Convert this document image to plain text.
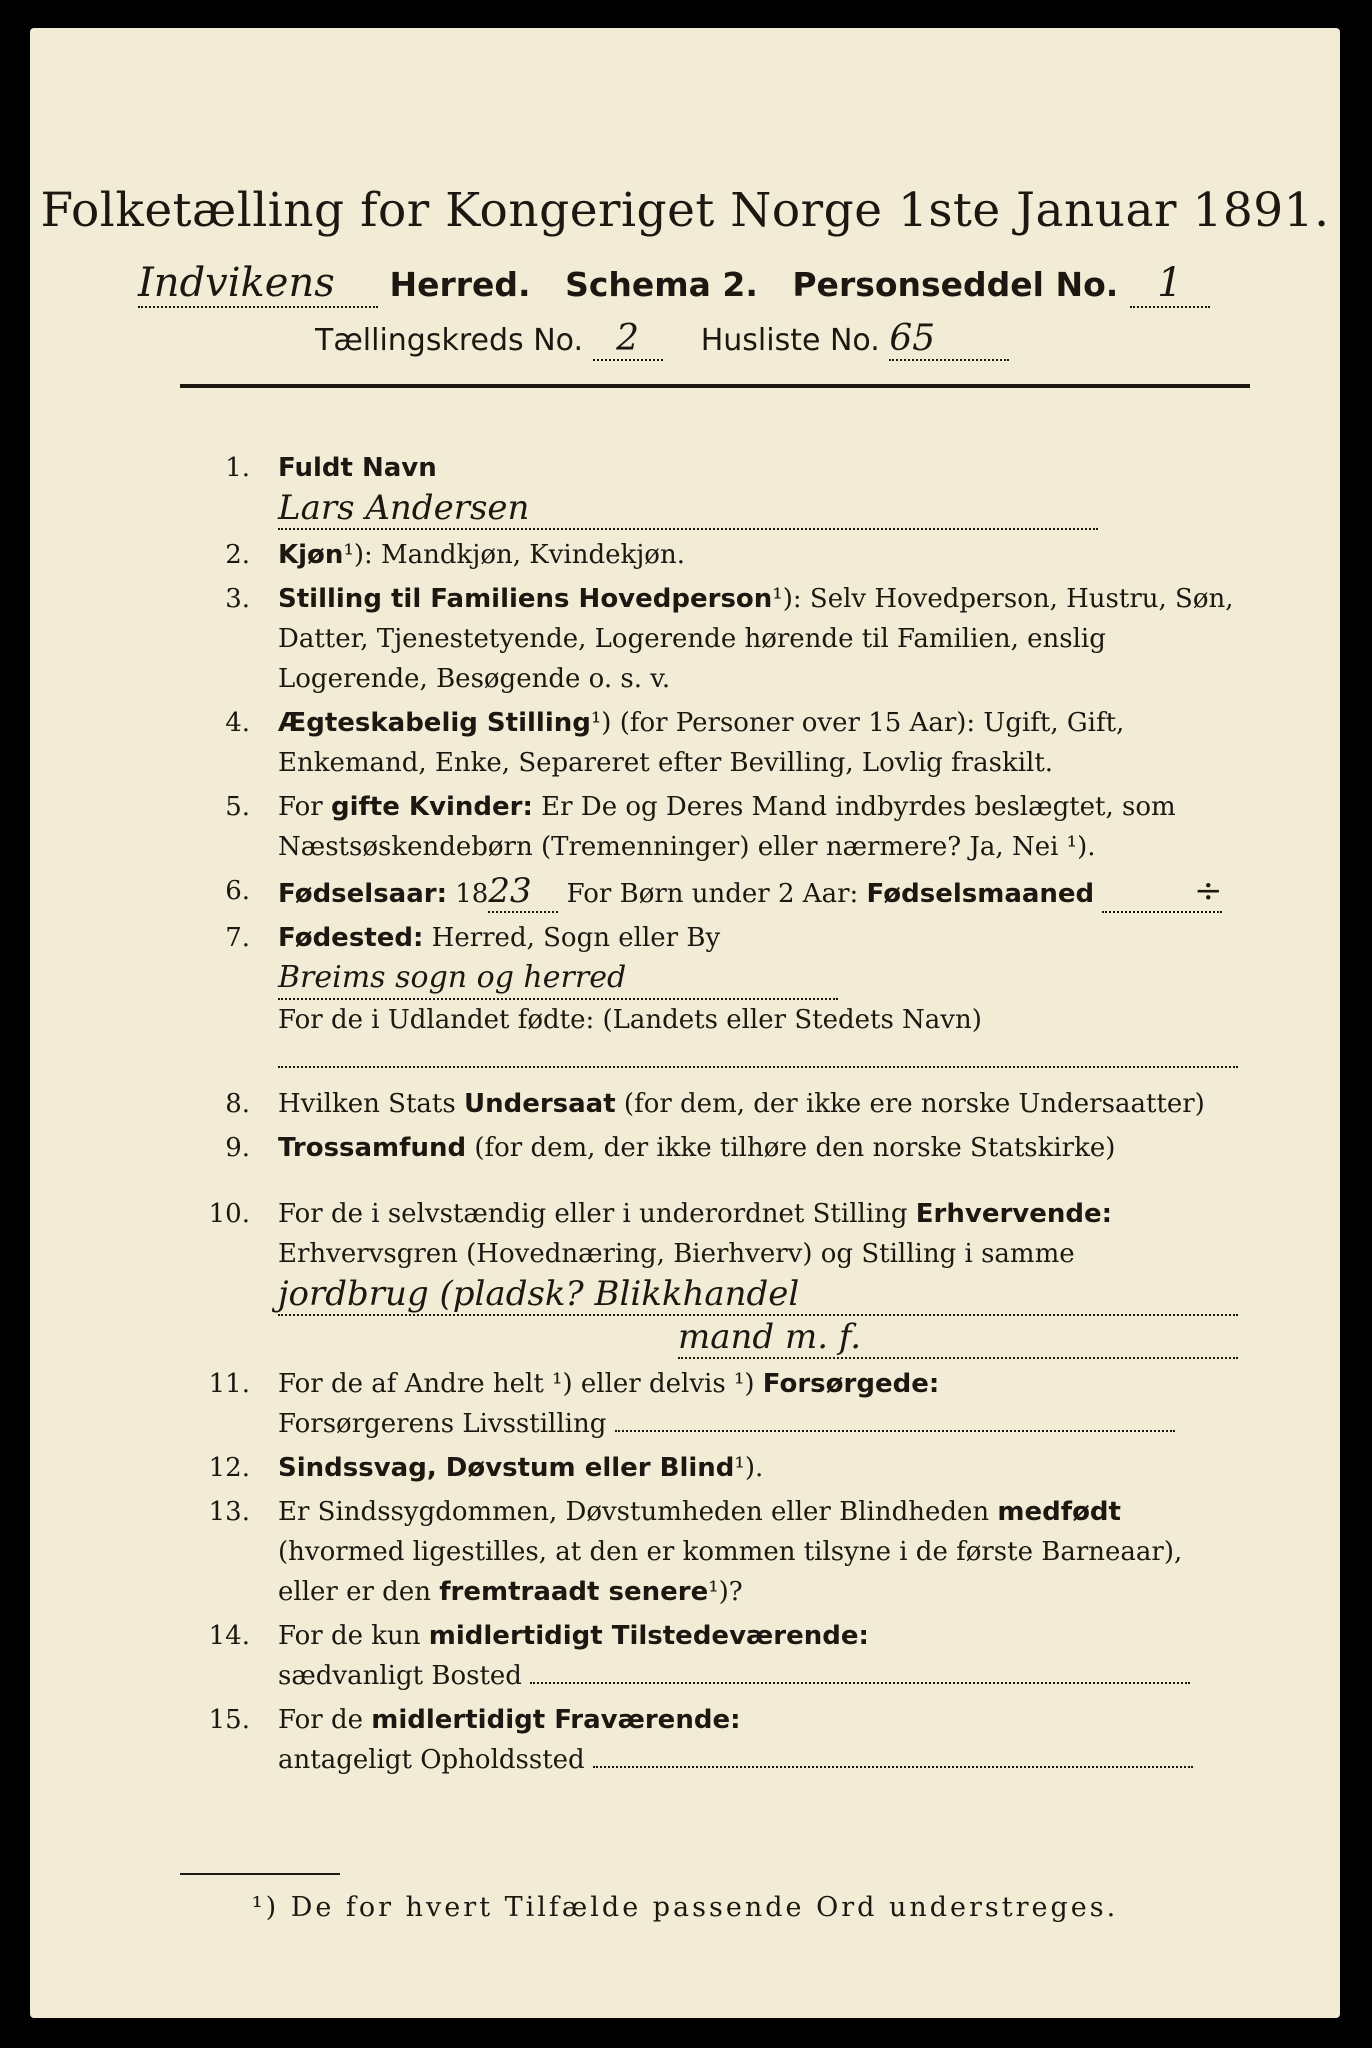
Folketælling for Kongeriget Norge 1ste Januar 1891.
Indvikens Herred. Schema 2. Personseddel No. 1
Tællingskreds No. 2 Husliste No. 65
1. Fuldt Navn Lars Andersen
2. Kjøn¹): Mandkjøn, Kvindekjøn.
3. Stilling til Familiens Hovedperson¹): Selv Hovedperson, Hustru, Søn, Datter, Tjenestetyende, Logerende hørende til Familien, enslig Logerende, Besøgende o. s. v.
4. Ægteskabelig Stilling¹) (for Personer over 15 Aar): Ugift, Gift, Enkemand, Enke, Separeret efter Bevilling, Lovlig fraskilt.
5. For gifte Kvinder: Er De og Deres Mand indbyrdes beslægtet, som Næstsøskendebørn (Tremenninger) eller nærmere? Ja, Nei ¹).
6. Fødselsaar: 1823 For Børn under 2 Aar: Fødselsmaaned	÷
7. Fødested: Herred, Sogn eller By Breims sogn og herred
For de i Udlandet fødte: (Landets eller Stedets Navn)

8. Hvilken Stats Undersaat (for dem, der ikke ere norske Undersaatter)
9. Trossamfund (for dem, der ikke tilhøre den norske Statskirke)
10. For de i selvstændig eller i underordnet Stilling Erhvervende: Erhvervsgren (Hovednæring, Bierhverv) og Stilling i samme
jordbrug (pladsk? Blikkhandel
mand m. f.
11. For de af Andre helt ¹) eller delvis ¹) Forsørgede:
Forsørgerens Livsstilling
12. Sindssvag, Døvstum eller Blind¹).
13. Er Sindssygdommen, Døvstumheden eller Blindheden medfødt (hvormed ligestilles, at den er kommen tilsyne i de første Barneaar), eller er den fremtraadt senere¹)?
14. For de kun midlertidigt Tilstedeværende:
sædvanligt Bosted
15. For de midlertidigt Fraværende:
antageligt Opholdssted
¹) De for hvert Tilfælde passende Ord understreges.
